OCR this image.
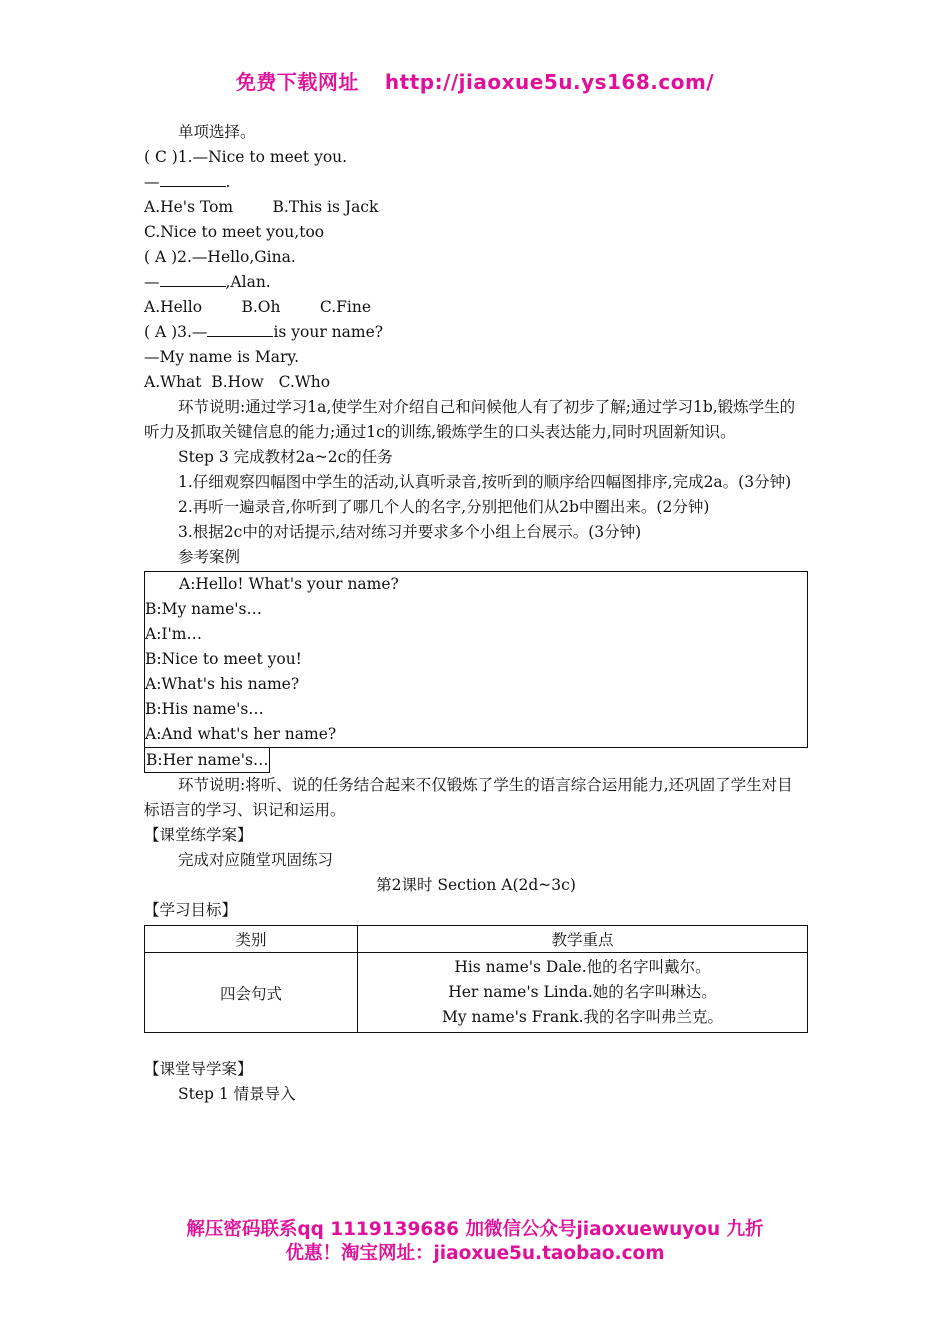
免费下载网址 http://jiaoxue5u.ys168.com/
单项选择。
( C )1.—Nice to meet you.
—	.
A.He's Tom        B.This is Jack
C.Nice to meet you,too
( A )2.—Hello,Gina.
—	,Alan.
A.Hello        B.Oh        C.Fine
( A )3.—	is your name?
—My name is Mary.
A.What  B.How   C.Who
环节说明:通过学习1a,使学生对介绍自己和问候他人有了初步了解;通过学习1b,锻炼学生的听力及抓取关键信息的能力;通过1c的训练,锻炼学生的口头表达能力,同时巩固新知识。
Step 3 完成教材2a~2c的任务
1.仔细观察四幅图中学生的活动,认真听录音,按听到的顺序给四幅图排序,完成2a。(3分钟)
2.再听一遍录音,你听到了哪几个人的名字,分别把他们从2b中圈出来。(2分钟)
3.根据2c中的对话提示,结对练习并要求多个小组上台展示。(3分钟)
参考案例
A:Hello! What's your name?
B:My name's…
A:I'm…
B:Nice to meet you!
A:What's his name?
B:His name's…
A:And what's her name?
B:Her name's…
环节说明:将听、说的任务结合起来不仅锻炼了学生的语言综合运用能力,还巩固了学生对目标语言的学习、识记和运用。
【课堂练学案】
完成对应随堂巩固练习
第2课时 Section A(2d~3c)
【学习目标】
类别	教学重点
四会句式	His name's Dale.他的名字叫戴尔。
Her name's Linda.她的名字叫琳达。
My name's Frank.我的名字叫弗兰克。
【课堂导学案】
Step 1 情景导入
解压密码联系qq 1119139686 加微信公众号jiaoxuewuyou 九折
优惠！淘宝网址：jiaoxue5u.taobao.com
